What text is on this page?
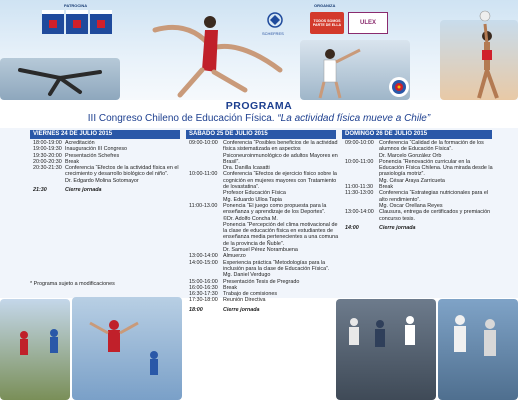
PATROCINA	ORGANIZA
SCHEFRES
TODOS SOMOS PARTE DE ELLA	ULEX
PROGRAMA
III Congreso Chileno de Educación Física. “La actividad física mueve a Chile”
VIERNES 24 DE JULIO 2015	SÁBADO 25 DE JULIO 2015	DOMINGO 26 DE JULIO 2015
18:00-19:00 Acreditación
19:00-19:30 Inauguración III Congreso
19:30-20:00 Presentación Schefres
20:00-20:30 Break
20:30-21:30 Conferencia “Efectos de la actividad física en el crecimiento y desarrollo biológico del niño”.
Dr. Edgardo Molina Sotomayor
21:30	Cierre jornada
09:00-10:00 Conferencia “Posibles beneficios de la actividad física sistematizada en aspectos Psiconeuroinmunológico de adultos Mayores en Brasil”.
Dra. Danilla Icasatti
10:00-11:00	Conferencia “Efectos de ejercicio físico sobre la cognición en mujeres mayores con Tratamiento de lovastatina”.
Profesor Educación Física
Mg. Eduardo Ulloa Tapia
11:00-13.00	Ponencia “El juego como propuesta para la enseñanza y aprendizaje de los Deportes”.
©Dr. Adolfo Concha M.
Ponencia “Percepción del clima motivacional de la clase de educación física en estudiantes de enseñanza media pertenecientes a una comuna de la provincia de Ñuble”.
Dr. Samuel Pérez Norambuena
13:00-14:00 Almuerzo
14:00-15:00 Experiencia práctica “Metodologías para la inclusión para la clase de Educación Física”.
Mg. Daniel Verdugo
15:00-16:00 Presentación Tesis de Pregrado
16:00-16:30 Break
16:30-17:30 Trabajo de comisiones
17:30-18:00 Reunión Directiva
18:00	Cierre jornada
09:00-10:00 Conferencia “Calidad de la formación de los alumnos de Educación Física”.
Dr. Marcelo González Orb
10:00-11:00	Ponencia “Renovación curricular en la Educación Física Chilena. Una mirada desde la praxiología motriz”.
Mg. César Araya Zarricueta
11:00-11:30	Break
11:30-13:00	Conferencia “Estrategias nutricionales para el alto rendimiento”.
Mg. Oscar Orellana Reyes
13:00-14:00 Clausura, entrega de certificados y premiación concurso tesis.
14:00	Cierre jornada
* Programa sujeto a modificaciones
